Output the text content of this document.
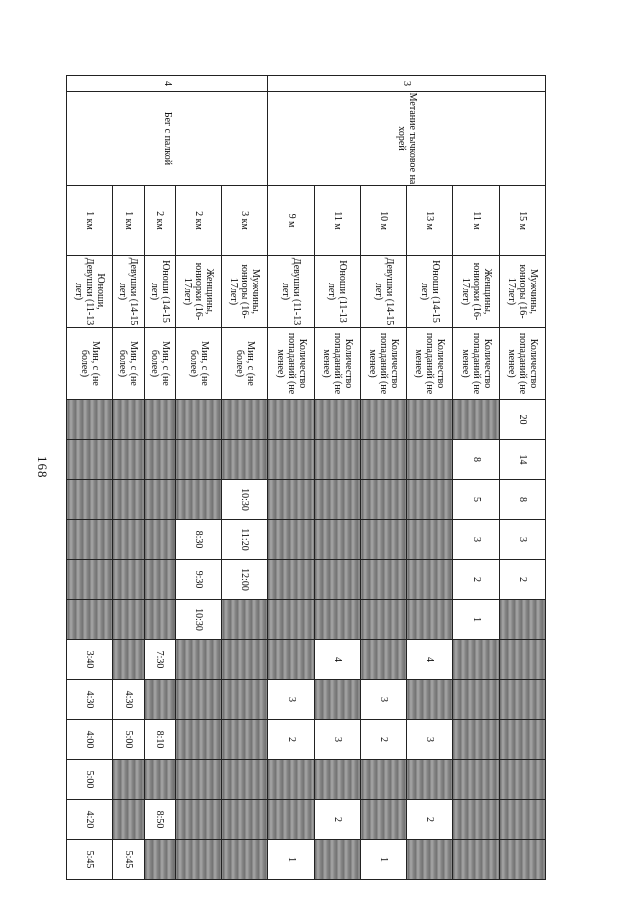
168
3	Метание тычковое на хорей	15 м	Мужчины, юниоры (16-17лет)	Количество попаданий (не менее)	20	14	8	3	2							
		11 м	Женщины, юниорки (16-17лет)	Количество попаданий (не менее)		8	5	3	2	1						
		13 м	Юноши (14-15 лет)	Количество попаданий (не менее)							4		3		2	
		10 м	Девушки (14-15 лет)	Количество попаданий (не менее)								3	2			1
		11 м	Юноши (11-13 лет)	Количество попаданий (не менее)							4		3		2	
		9 м	Девушки (11-13 лет)	Количество попаданий (не менее)								3	2			1
4	Бег с палкой	3 км	Мужчины, юниоры (16-17лет)	Мин, с (не более)			10:30	11:20	12:00							
		2 км	Женщины, юниорки (16-17лет)	Мин, с (не более)				8:30	9:30	10:30						
		2 км	Юноши (14-15 лет)	Мин, с (не более)							7:30		8:10		8:50	
		1 км	Девушки (14-15 лет)	Мин, с (не более)								4:30	5:00			5:45
		1 км	Юноши, Девушки (11-13 лет)	Мин, с (не более)							3:40	4:30	4:00	5:00	4:20	5:45
